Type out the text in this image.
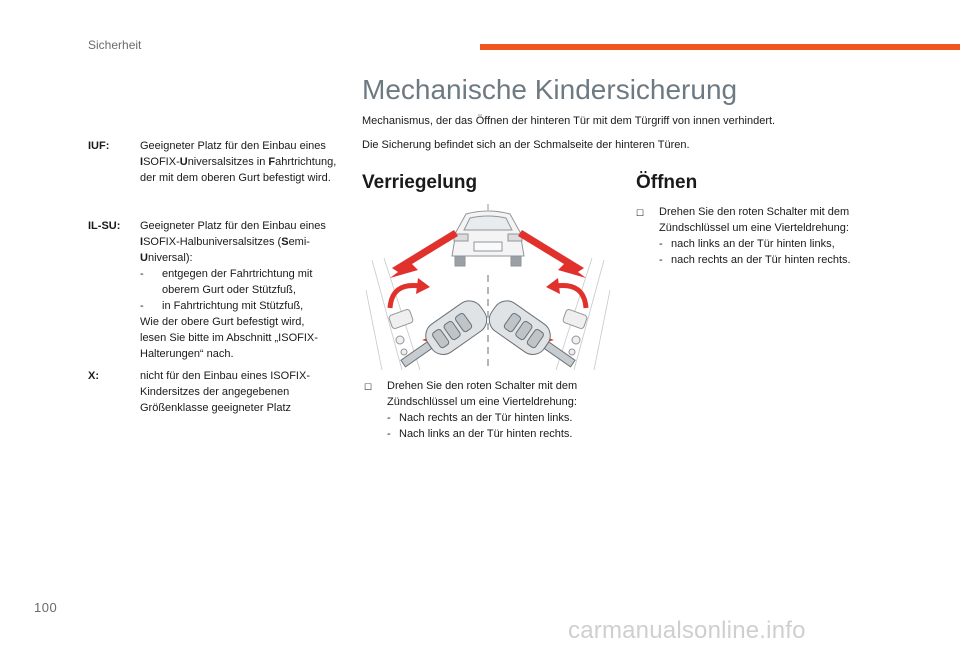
Sicherheit
IUF:	Geeigneter Platz für den Einbau eines ISOFIX-Universalsitzes in Fahrtrichtung, der mit dem oberen Gurt befestigt wird.
IL-SU: Geeigneter Platz für den Einbau eines ISOFIX-Halbuniversalsitzes (Semi-Universal):
- entgegen der Fahrtrichtung mit oberem Gurt oder Stützfuß,
- in Fahrtrichtung mit Stützfuß,
Wie der obere Gurt befestigt wird, lesen Sie bitte im Abschnitt „ISOFIX-Halterungen“ nach.
X:	nicht für den Einbau eines ISOFIX-Kindersitzes der angegebenen Größenklasse geeigneter Platz
Mechanische Kindersicherung
Mechanismus, der das Öffnen der hinteren Tür mit dem Türgriff von innen verhindert.
Die Sicherung befindet sich an der Schmalseite der hinteren Türen.
Verriegelung	Öffnen
☐ Drehen Sie den roten Schalter mit dem Zündschlüssel um eine Vierteldrehung:
- nach links an der Tür hinten links,
- nach rechts an der Tür hinten rechts.
☐ Drehen Sie den roten Schalter mit dem Zündschlüssel um eine Vierteldrehung:
- Nach rechts an der Tür hinten links.
- Nach links an der Tür hinten rechts.
100
carmanualsonline.info
